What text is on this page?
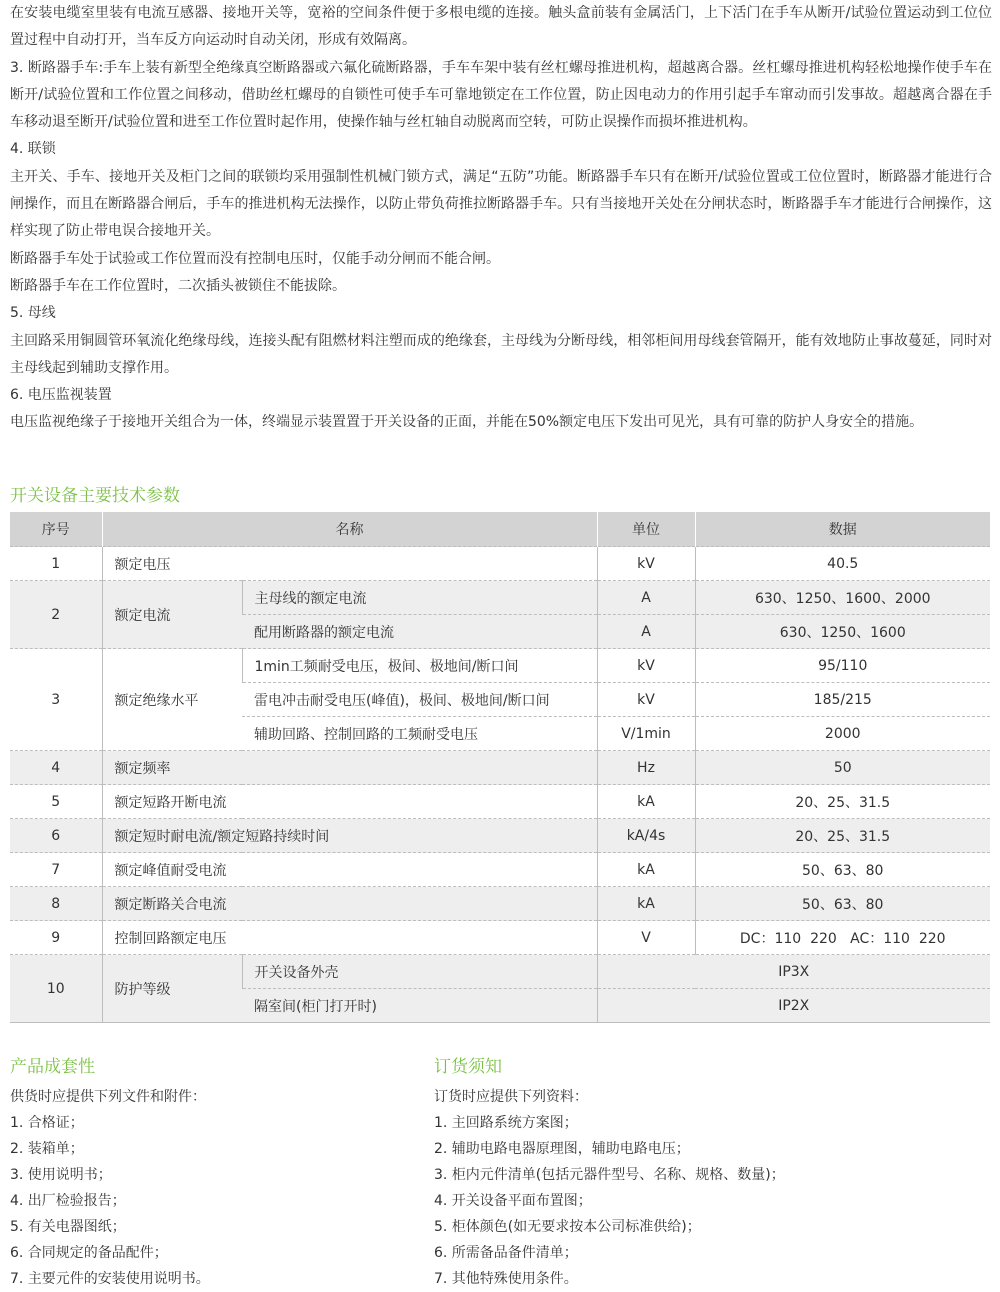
在安装电缆室里装有电流互感器、接地开关等，宽裕的空间条件便于多根电缆的连接。触头盒前装有金属活门，上下活门在手车从断开/试验位置运动到工位位置过程中自动打开，当车反方向运动时自动关闭，形成有效隔离。

3. 断路器手车:手车上装有新型全绝缘真空断路器或六氟化硫断路器，手车车架中装有丝杠螺母推进机构，超越离合器。丝杠螺母推进机构轻松地操作使手车在断开/试验位置和工作位置之间移动，借助丝杠螺母的自锁性可使手车可靠地锁定在工作位置，防止因电动力的作用引起手车窜动而引发事故。超越离合器在手车移动退至断开/试验位置和进至工作位置时起作用，使操作轴与丝杠轴自动脱离而空转，可防止误操作而损坏推进机构。

4. 联锁

主开关、手车、接地开关及柜门之间的联锁均采用强制性机械门锁方式，满足“五防”功能。断路器手车只有在断开/试验位置或工位位置时，断路器才能进行合闸操作，而且在断路器合闸后，手车的推进机构无法操作，以防止带负荷推拉断路器手车。只有当接地开关处在分闸状态时，断路器手车才能进行合闸操作，这样实现了防止带电误合接地开关。

断路器手车处于试验或工作位置而没有控制电压时，仅能手动分闸而不能合闸。

断路器手车在工作位置时，二次插头被锁住不能拔除。

5. 母线

主回路采用铜圆管环氧流化绝缘母线，连接头配有阻燃材料注塑而成的绝缘套，主母线为分断母线，相邻柜间用母线套管隔开，能有效地防止事故蔓延，同时对主母线起到辅助支撑作用。

6. 电压监视装置

电压监视绝缘子于接地开关组合为一体，终端显示装置置于开关设备的正面，并能在50%额定电压下发出可见光，具有可靠的防护人身安全的措施。

开关设备主要技术参数
序号	名称		单位	数据
1	额定电压		kV	40.5
2	额定电流	主母线的额定电流	A	630、1250、1600、2000
		配用断路器的额定电流	A	630、1250、1600
3	额定绝缘水平	1min工频耐受电压，极间、极地间/断口间	kV	95/110
		雷电冲击耐受电压(峰值)，极间、极地间/断口间	kV	185/215
		辅助回路、控制回路的工频耐受电压	V/1min	2000
4	额定频率		Hz	50
5	额定短路开断电流		kA	20、25、31.5
6	额定短时耐电流/额定短路持续时间		kA/4s	20、25、31.5
7	额定峰值耐受电流		kA	50、63、80
8	额定断路关合电流		kA	50、63、80
9	控制回路额定电压		V	DC：110  220   AC：110  220
10	防护等级	开关设备外壳	IP3X	
		隔室间(柜门打开时)	IP2X	
产品成套性
供货时应提供下列文件和附件：
1. 合格证；
2. 装箱单；
3. 使用说明书；
4. 出厂检验报告；
5. 有关电器图纸；
6. 合同规定的备品配件；
7. 主要元件的安装使用说明书。
订货须知
订货时应提供下列资料：
1. 主回路系统方案图；
2. 辅助电路电器原理图，辅助电路电压；
3. 柜内元件清单(包括元器件型号、名称、规格、数量)；
4. 开关设备平面布置图；
5. 柜体颜色(如无要求按本公司标准供给)；
6. 所需备品备件清单；
7. 其他特殊使用条件。
